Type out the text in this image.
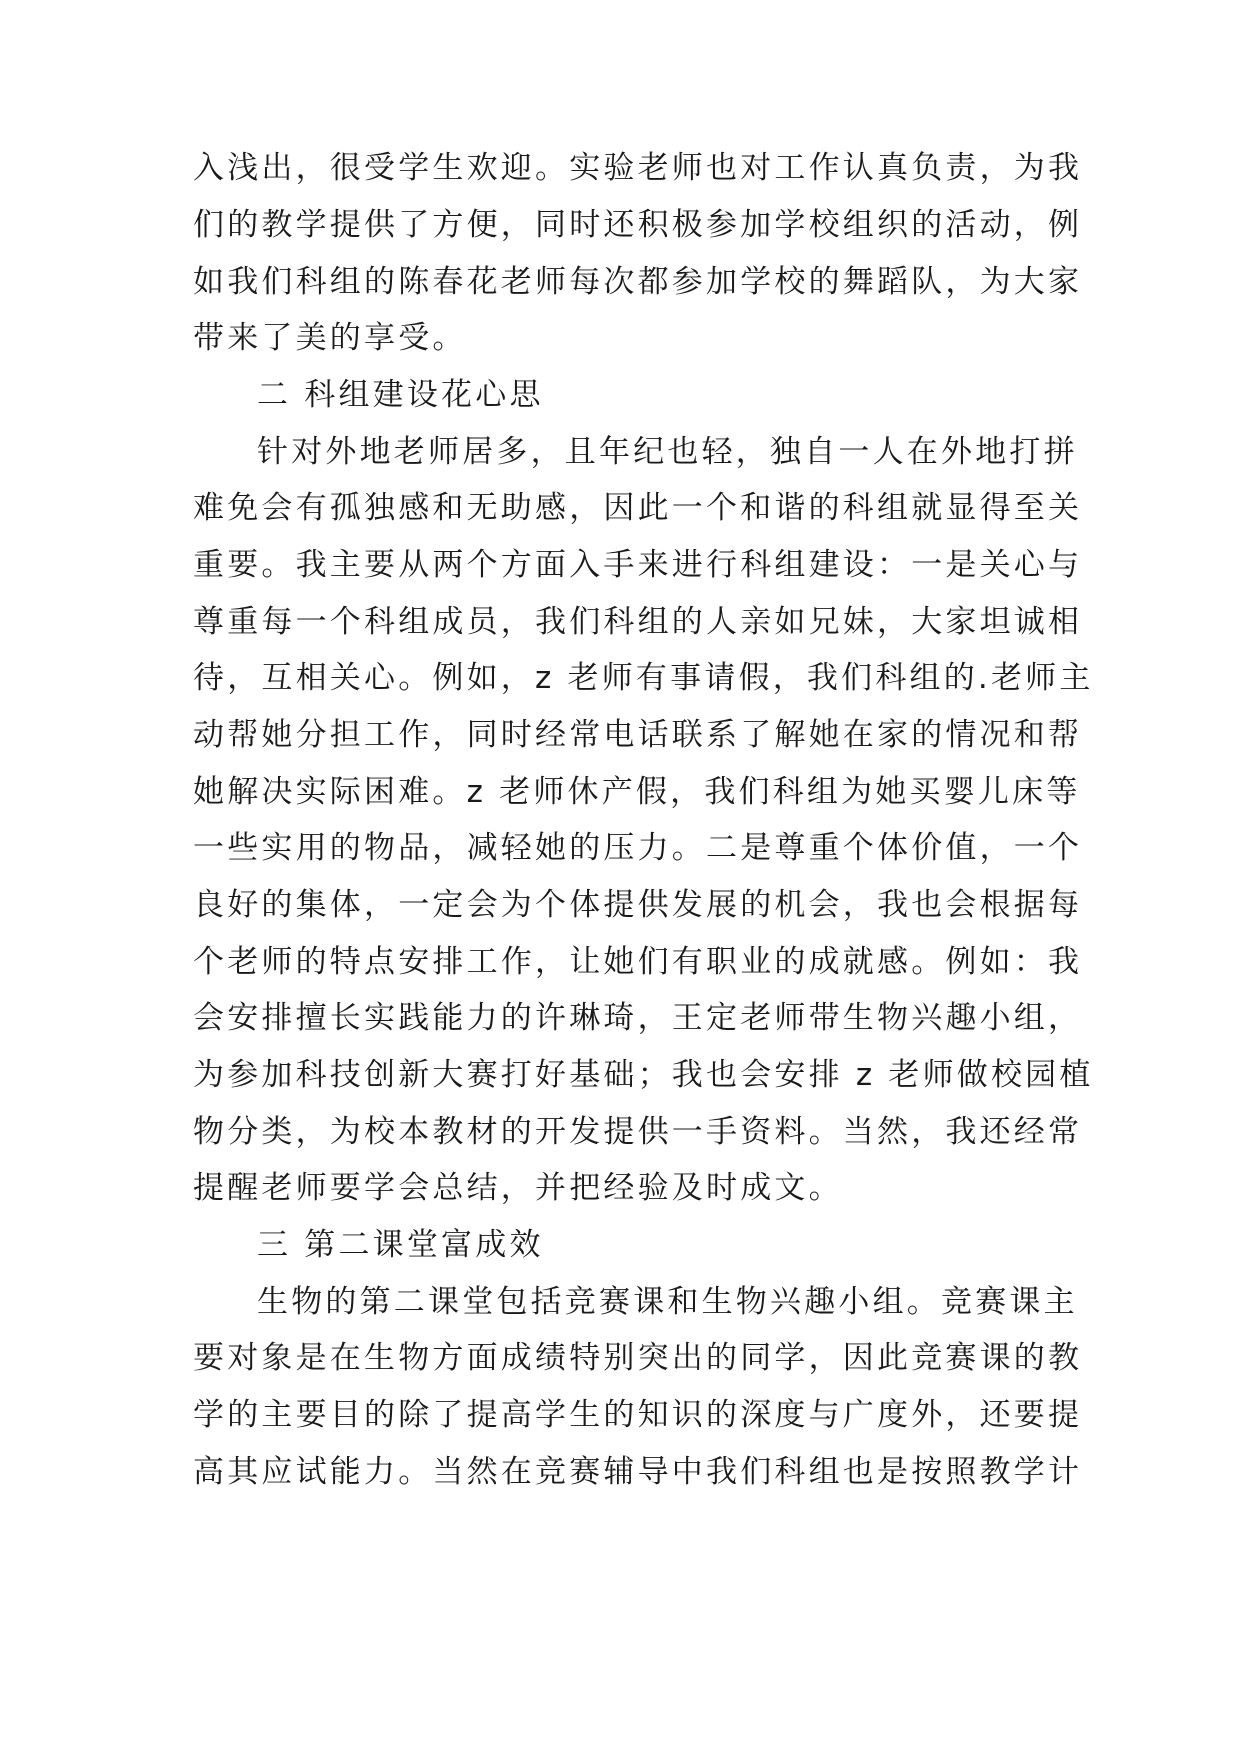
入浅出，很受学生欢迎。实验老师也对工作认真负责，为我
们的教学提供了方便，同时还积极参加学校组织的活动，例
如我们科组的陈春花老师每次都参加学校的舞蹈队，为大家
带来了美的享受。
二 科组建设花心思
针对外地老师居多，且年纪也轻，独自一人在外地打拼
难免会有孤独感和无助感，因此一个和谐的科组就显得至关
重要。我主要从两个方面入手来进行科组建设：一是关心与
尊重每一个科组成员，我们科组的人亲如兄妹，大家坦诚相
待，互相关心。例如，z 老师有事请假，我们科组的.老师主
动帮她分担工作，同时经常电话联系了解她在家的情况和帮
她解决实际困难。z 老师休产假，我们科组为她买婴儿床等
一些实用的物品，减轻她的压力。二是尊重个体价值，一个
良好的集体，一定会为个体提供发展的机会，我也会根据每
个老师的特点安排工作，让她们有职业的成就感。例如：我
会安排擅长实践能力的许琳琦，王定老师带生物兴趣小组，
为参加科技创新大赛打好基础；我也会安排 z 老师做校园植
物分类，为校本教材的开发提供一手资料。当然，我还经常
提醒老师要学会总结，并把经验及时成文。
三 第二课堂富成效
生物的第二课堂包括竞赛课和生物兴趣小组。竞赛课主
要对象是在生物方面成绩特别突出的同学，因此竞赛课的教
学的主要目的除了提高学生的知识的深度与广度外，还要提
高其应试能力。当然在竞赛辅导中我们科组也是按照教学计
